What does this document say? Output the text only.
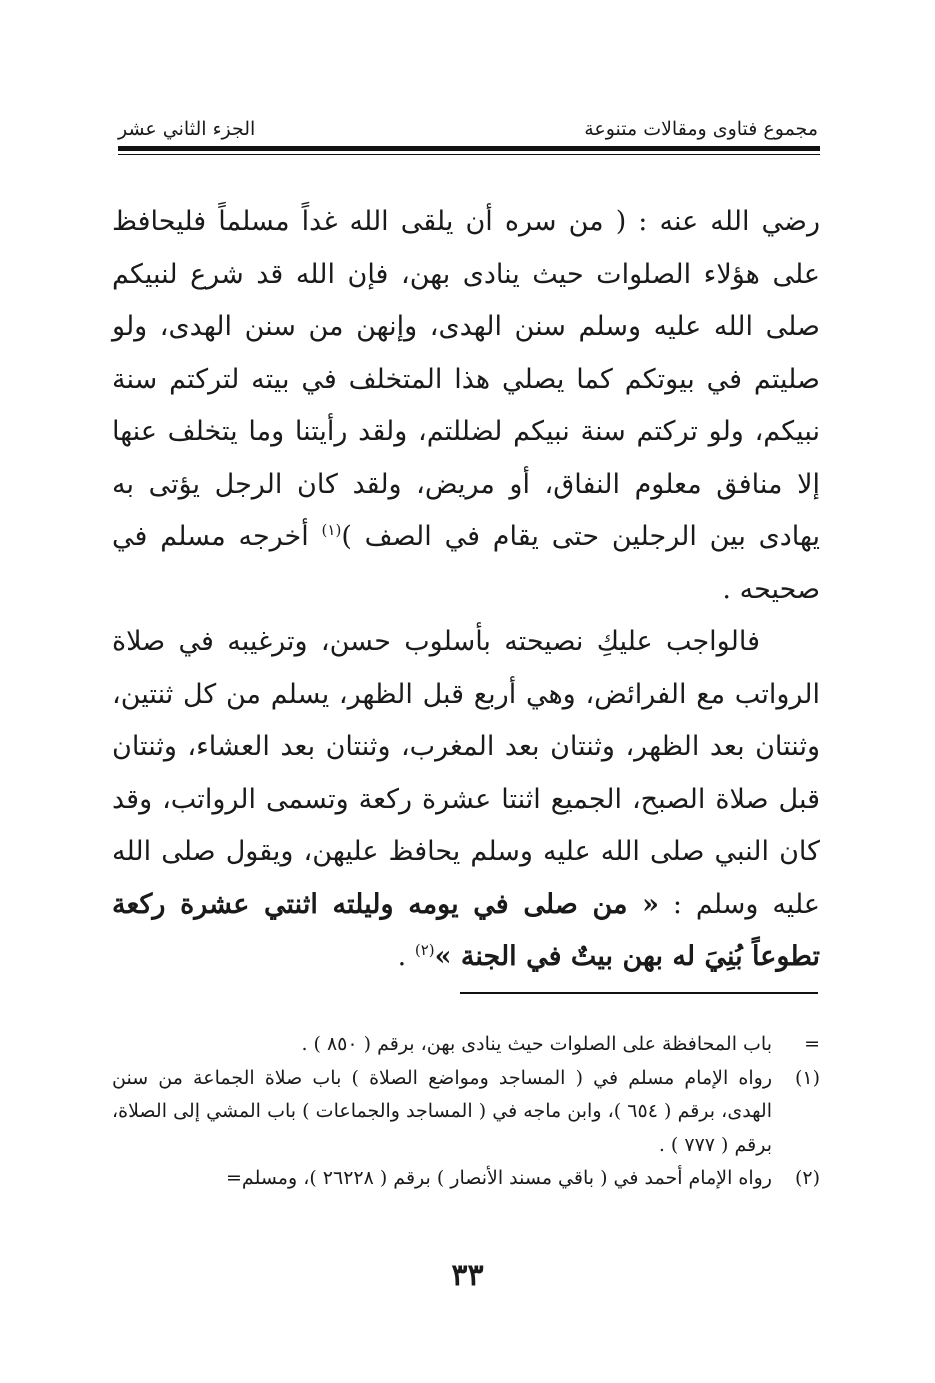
مجموع فتاوى ومقالات متنوعة
الجزء الثاني عشر

رضي الله عنه : ( من سره أن يلقى الله غداً مسلماً فليحافظ على هؤلاء الصلوات حيث ينادى بهن، فإن الله قد شرع لنبيكم صلى الله عليه وسلم سنن الهدى، وإنهن من سنن الهدى، ولو صليتم في بيوتكم كما يصلي هذا المتخلف في بيته لتركتم سنة نبيكم، ولو تركتم سنة نبيكم لضللتم، ولقد رأيتنا وما يتخلف عنها إلا منافق معلوم النفاق، أو مريض، ولقد كان الرجل يؤتى به يهادى بين الرجلين حتى يقام في الصف )$^{(١)}$ أخرجه مسلم في صحيحه .

فالواجب عليكِ نصيحته بأسلوب حسن، وترغيبه في صلاة الرواتب مع الفرائض، وهي أربع قبل الظهر، يسلم من كل ثنتين، وثنتان بعد الظهر، وثنتان بعد المغرب، وثنتان بعد العشاء، وثنتان قبل صلاة الصبح، الجميع اثنتا عشرة ركعة وتسمى الرواتب، وقد كان النبي صلى الله عليه وسلم يحافظ عليهن، ويقول صلى الله عليه وسلم : « من صلى في يومه وليلته اثنتي عشرة ركعة تطوعاً بُنِيَ له بهن بيتٌ في الجنة »$^{(٢)}$ .

=
باب المحافظة على الصلوات حيث ينادى بهن، برقم ( ٨٥٠ ) .
(١)
رواه الإمام مسلم في ( المساجد ومواضع الصلاة ) باب صلاة الجماعة من سنن الهدى، برقم ( ٦٥٤ )، وابن ماجه في ( المساجد والجماعات ) باب المشي إلى الصلاة، برقم ( ٧٧٧ ) .
(٢)
رواه الإمام أحمد في ( باقي مسند الأنصار ) برقم ( ٢٦٢٢٨ )، ومسلم=
٣٣
